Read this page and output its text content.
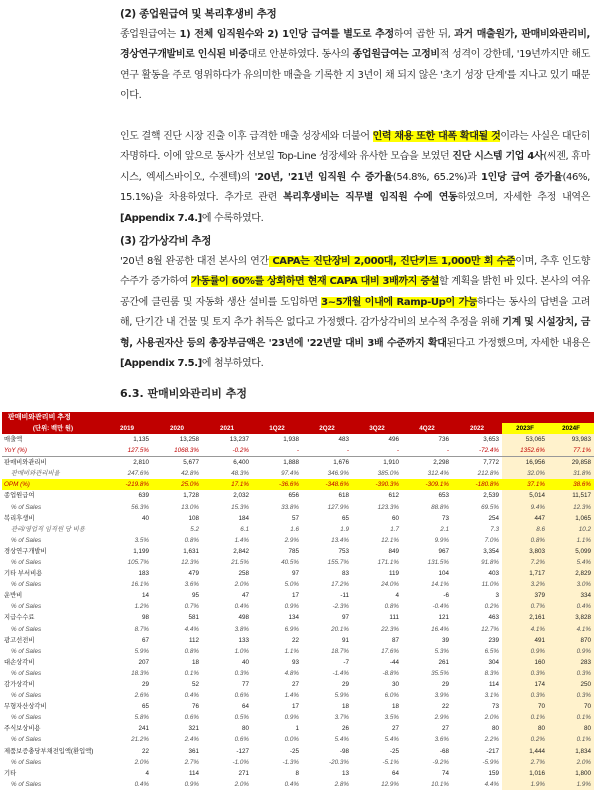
(2) 종업원급여 및 복리후생비 추정

종업원급여는 1) 전체 임직원수와 2) 1인당 급여를 별도로 추정하여 곱한 뒤, 과거 매출원가, 판매비와관리비, 경상연구개발비로 인식된 비중대로 안분하였다. 동사의 종업원급여는 고정비적 성격이 강한데, '19년까지만 해도 연구 활동을 주로 영위하다가 유의미한 매출을 기록한 지 3년이 채 되지 않은 '초기 성장 단계'를 지나고 있기 때문이다.

인도 결핵 진단 시장 진출 이후 급격한 매출 성장세와 더불어 인력 채용 또한 대폭 확대될 것이라는 사실은 대단히 자명하다. 이에 앞으로 동사가 선보일 Top-Line 성장세와 유사한 모습을 보였던 진단 시스템 기업 4사(씨젠, 휴마시스, 엑세스바이오, 수젠텍)의 '20년, '21년 임직원 수 증가율(54.8%, 65.2%)과 1인당 급여 증가율(46%, 15.1%)을 차용하였다. 추가로 관련 복리후생비는 직무별 임직원 수에 연동하였으며, 자세한 추정 내역은 [Appendix 7.4.]에 수록하였다.

(3) 감가상각비 추정

'20년 8월 완공한 대전 본사의 연간 CAPA는 진단장비 2,000대, 진단키트 1,000만 회 수준이며, 추후 인도향 수주가 증가하여 가동률이 60%를 상회하면 현재 CAPA 대비 3배까지 증설할 계획을 밝힌 바 있다. 본사의 여유 공간에 클린룸 및 자동화 생산 설비를 도입하면 3~5개월 이내에 Ramp-Up이 가능하다는 동사의 답변을 고려해, 단기간 내 건물 및 토지 추가 취득은 없다고 가정했다. 감가상각비의 보수적 추정을 위해 기계 및 시설장치, 금형, 사용권자산 등의 총장부금액은 '23년에 '22년말 대비 3배 수준까지 확대된다고 가정했으며, 자세한 내용은 [Appendix 7.5.]에 첨부하였다.

6.3. 판매비와관리비 추정
판매비와관리비 추정
(단위: 백만 원)	2019	2020	2021	1Q22	2Q22	3Q22	4Q22	2022	2023F	2024F
매출액	1,135	13,258	13,237	1,938	483	496	736	3,653	53,065	93,983
YoY (%)	127.5%	1068.3%	-0.2%	-	-	-	-	-72.4%	1352.6%	77.1%
판매비와관리비	2,810	5,677	6,400	1,888	1,676	1,910	2,298	7,772	16,956	29,858
판매비와관리비율	247.6%	42.8%	48.3%	97.4%	346.9%	385.0%	312.4%	212.8%	32.0%	31.8%
OPM (%)	-219.8%	25.0%	17.1%	-36.6%	-348.6%	-390.3%	-309.1%	-180.8%	37.1%	38.6%
종업원급여	639	1,728	2,032	656	618	612	653	2,539	5,014	11,517
% of Sales	56.3%	13.0%	15.3%	33.8%	127.9%	123.3%	88.8%	69.5%	9.4%	12.3%
복리후생비	40	108	184	57	65	60	73	254	447	1,065
관리/영업직 임직원 당 비용		5.2	6.1	1.6	1.9	1.7	2.1	7.3	8.6	10.2
% of Sales	3.5%	0.8%	1.4%	2.9%	13.4%	12.1%	9.9%	7.0%	0.8%	1.1%
경상연구개발비	1,199	1,631	2,842	785	753	849	967	3,354	3,803	5,099
% of Sales	105.7%	12.3%	21.5%	40.5%	155.7%	171.1%	131.5%	91.8%	7.2%	5.4%
기타 부서비용	183	479	258	97	83	119	104	403	1,717	2,829
% of Sales	16.1%	3.6%	2.0%	5.0%	17.2%	24.0%	14.1%	11.0%	3.2%	3.0%
운반비	14	95	47	17	-11	4	-6	3	379	334
% of Sales	1.2%	0.7%	0.4%	0.9%	-2.3%	0.8%	-0.4%	0.2%	0.7%	0.4%
지급수수료	98	581	498	134	97	111	121	463	2,161	3,828
% of Sales	8.7%	4.4%	3.8%	6.9%	20.1%	22.3%	16.4%	12.7%	4.1%	4.1%
광고선전비	67	112	133	22	91	87	39	239	491	870
% of Sales	5.9%	0.8%	1.0%	1.1%	18.7%	17.6%	5.3%	6.5%	0.9%	0.9%
대손상각비	207	18	40	93	-7	-44	261	304	160	283
% of Sales	18.3%	0.1%	0.3%	4.8%	-1.4%	-8.8%	35.5%	8.3%	0.3%	0.3%
감가상각비	29	52	77	27	29	30	29	114	174	250
% of Sales	2.6%	0.4%	0.6%	1.4%	5.9%	6.0%	3.9%	3.1%	0.3%	0.3%
무형자산상각비	65	76	64	17	18	18	22	73	70	70
% of Sales	5.8%	0.6%	0.5%	0.9%	3.7%	3.5%	2.9%	2.0%	0.1%	0.1%
주식보상비용	241	321	80	1	26	27	27	80	80	80
% of Sales	21.2%	2.4%	0.6%	0.0%	5.4%	5.4%	3.6%	2.2%	0.2%	0.1%
제품보증충당부채전입액(환입액)	22	361	-127	-25	-98	-25	-68	-217	1,444	1,834
% of Sales	2.0%	2.7%	-1.0%	-1.3%	-20.3%	-5.1%	-9.2%	-5.9%	2.7%	2.0%
기타	4	114	271	8	13	64	74	159	1,016	1,800
% of Sales	0.4%	0.9%	2.0%	0.4%	2.8%	12.9%	10.1%	4.4%	1.9%	1.9%
